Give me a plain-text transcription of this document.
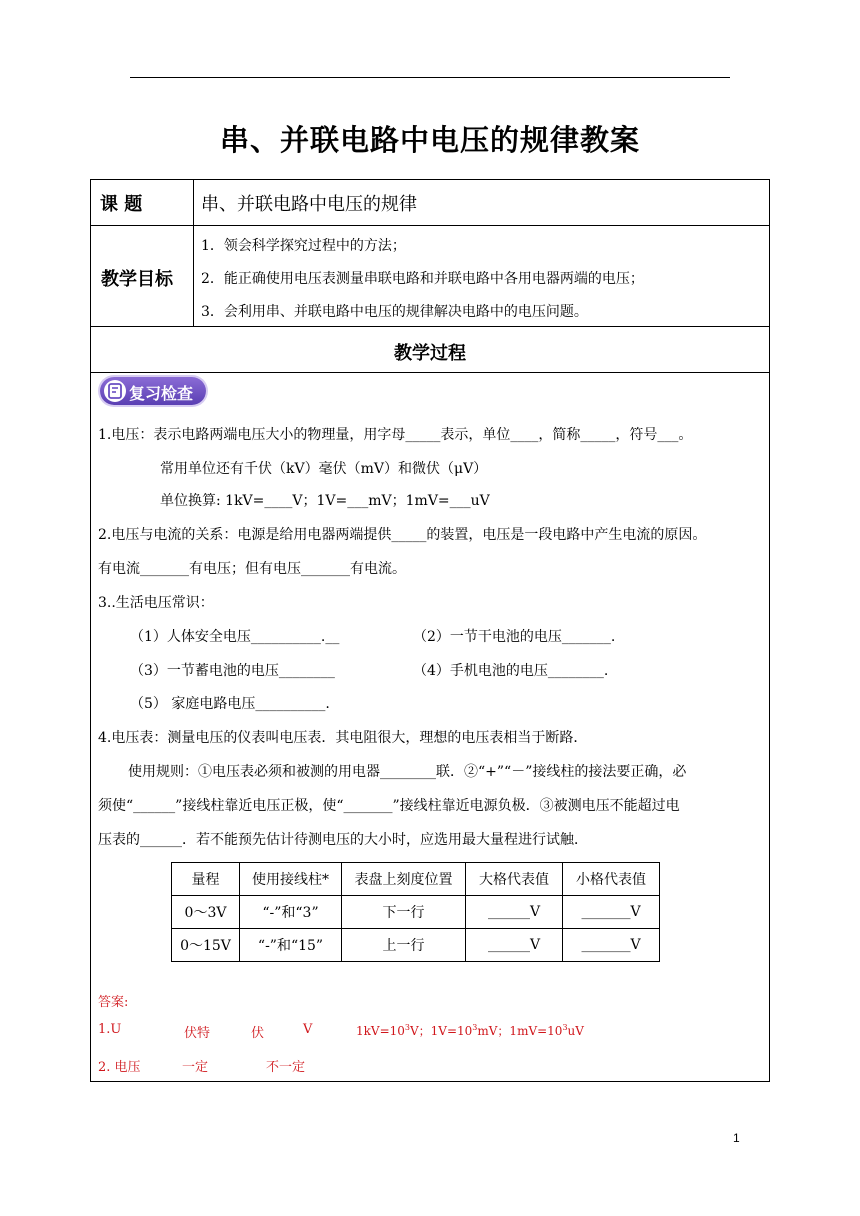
串、并联电路中电压的规律教案
课 题	串、并联电路中电压的规律
教学目标
1．领会科学探究过程中的方法；
2．能正确使用电压表测量串联电路和并联电路中各用电器两端的电压；
3．会利用串、并联电路中电压的规律解决电路中的电压问题。
教学过程
复习检查
1.电压：表示电路两端电压大小的物理量，用字母_____表示，单位____，简称_____，符号___。
常用单位还有千伏（kV）毫伏（mV）和微伏（μV）
单位换算: 1kV=____V；1V=___mV；1mV=___uV
2.电压与电流的关系：电源是给用电器两端提供_____的装置，电压是一段电路中产生电流的原因。
有电流_______有电压；但有电压_______有电流。
3..生活电压常识：
（1）人体安全电压__________.__	（2）一节干电池的电压_______.
（3）一节蓄电池的电压________	（4）手机电池的电压________.
（5） 家庭电路电压__________.
4.电压表：测量电压的仪表叫电压表．其电阻很大，理想的电压表相当于断路．
使用规则：①电压表必须和被测的用电器________联．②“+”“－”接线柱的接法要正确，必
须使“______”接线柱靠近电压正极，使“_______”接线柱靠近电源负极．③被测电压不能超过电
压表的______．若不能预先估计待测电压的大小时，应选用最大量程进行试触．
量程	使用接线柱*	表盘上刻度位置	大格代表值	小格代表值
0～3V	“-”和“3”	下一行	______V	_______V
0～15V	“-”和“15”	上一行	______V	_______V
答案:
1.U	伏特	伏	V	$1kV=10^3V$；$1V=10^3mV$；$1mV=10^3uV$
2. 电压	一定	不一定
1
